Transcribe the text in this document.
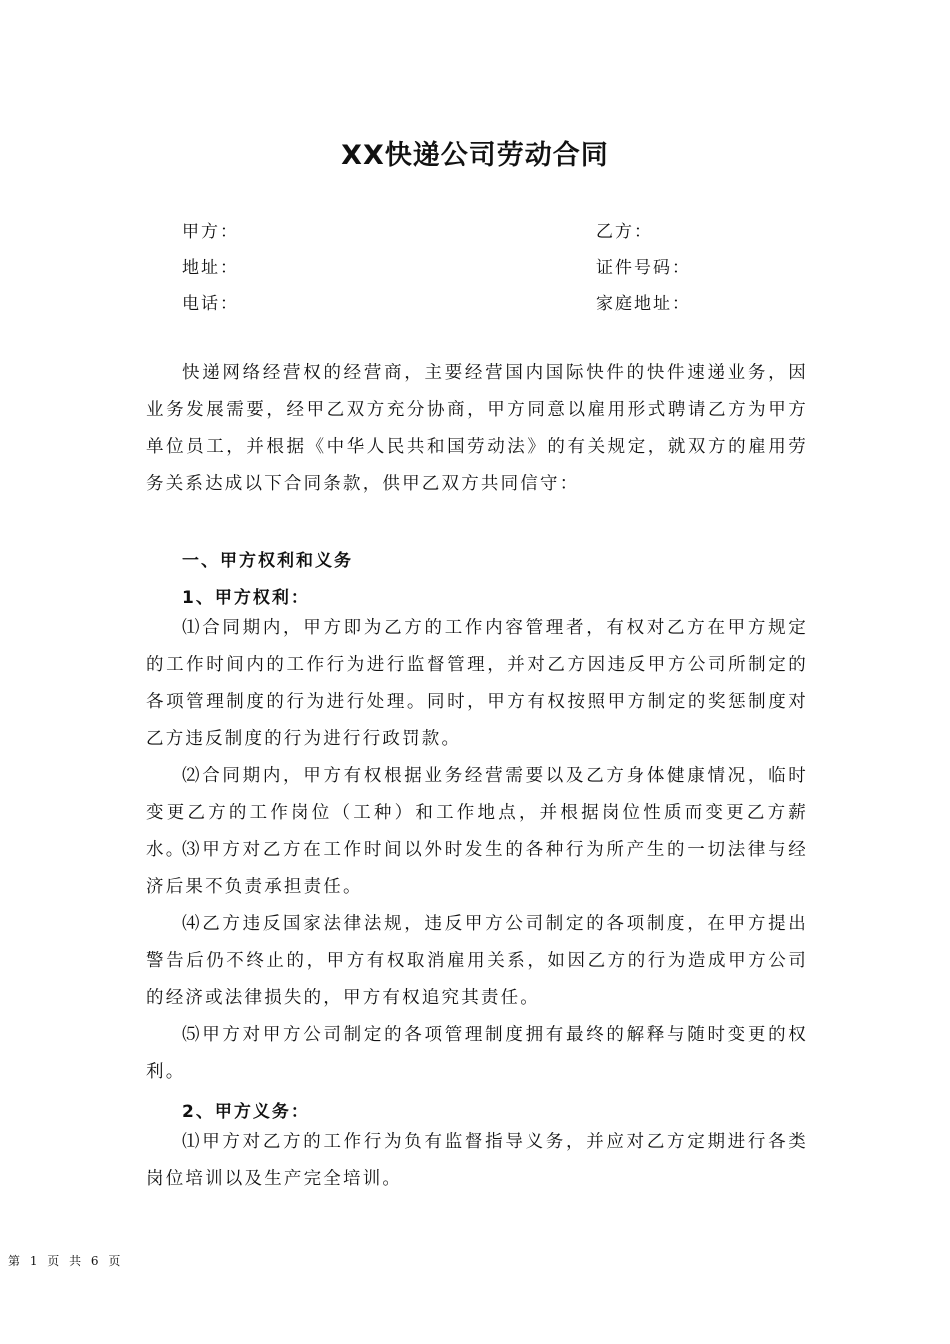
XX快递公司劳动合同
甲方：	乙方：
地址：	证件号码：
电话：	家庭地址：
快递网络经营权的经营商，主要经营国内国际快件的快件速递业务，因业务发展需要，经甲乙双方充分协商，甲方同意以雇用形式聘请乙方为甲方单位员工，并根据《中华人民共和国劳动法》的有关规定，就双方的雇用劳务关系达成以下合同条款，供甲乙双方共同信守：
一、甲方权利和义务
1、甲方权利：
⑴合同期内，甲方即为乙方的工作内容管理者，有权对乙方在甲方规定的工作时间内的工作行为进行监督管理，并对乙方因违反甲方公司所制定的各项管理制度的行为进行处理。同时，甲方有权按照甲方制定的奖惩制度对乙方违反制度的行为进行行政罚款。
⑵合同期内，甲方有权根据业务经营需要以及乙方身体健康情况，临时变更乙方的工作岗位（工种）和工作地点，并根据岗位性质而变更乙方薪水。
⑶甲方对乙方在工作时间以外时发生的各种行为所产生的一切法律与经济后果不负责承担责任。
⑷乙方违反国家法律法规，违反甲方公司制定的各项制度，在甲方提出警告后仍不终止的，甲方有权取消雇用关系，如因乙方的行为造成甲方公司的经济或法律损失的，甲方有权追究其责任。
⑸甲方对甲方公司制定的各项管理制度拥有最终的解释与随时变更的权利。
2、甲方义务：
⑴甲方对乙方的工作行为负有监督指导义务，并应对乙方定期进行各类岗位培训以及生产完全培训。
第 1 页 共 6 页
